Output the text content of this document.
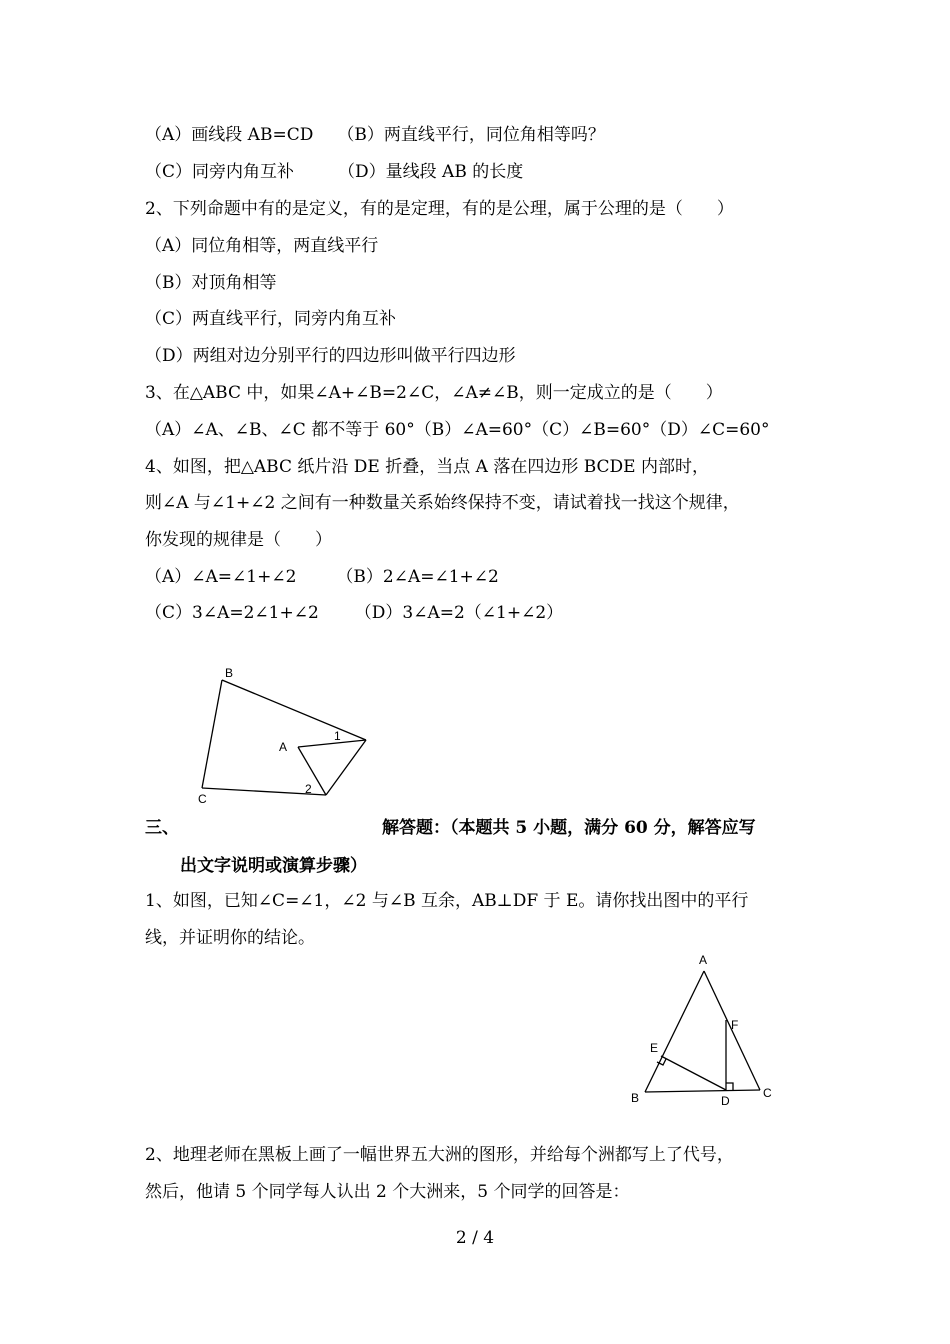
（A）画线段 AB=CD （B）两直线平行，同位角相等吗？
（C）同旁内角互补	（D）量线段 AB 的长度
2、下列命题中有的是定义，有的是定理，有的是公理，属于公理的是（　　）
（A）同位角相等，两直线平行
（B）对顶角相等
（C）两直线平行，同旁内角互补
（D）两组对边分别平行的四边形叫做平行四边形
3、在△ABC 中，如果∠A+∠B=2∠C，∠A≠∠B，则一定成立的是（　　）
（A）∠A、∠B、∠C 都不等于 60°（B）∠A=60°（C）∠B=60°（D）∠C=60°
4、如图，把△ABC 纸片沿 DE 折叠，当点 A 落在四边形 BCDE 内部时，
则∠A 与∠1+∠2 之间有一种数量关系始终保持不变，请试着找一找这个规律，
你发现的规律是（　　）
（A）∠A=∠1+∠2 （B）2∠A=∠1+∠2
（C）3∠A=2∠1+∠2 （D）3∠A=2（∠1+∠2）
B
A
C
1
2
三、	解答题：（本题共 5 小题，满分 60 分，解答应写
出文字说明或演算步骤）
1、如图，已知∠C=∠1，∠2 与∠B 互余，AB⊥DF 于 E。请你找出图中的平行
线，并证明你的结论。
A
F
E
B	D
C
2、地理老师在黑板上画了一幅世界五大洲的图形，并给每个洲都写上了代号，
然后，他请 5 个同学每人认出 2 个大洲来，5 个同学的回答是：
2 / 4
